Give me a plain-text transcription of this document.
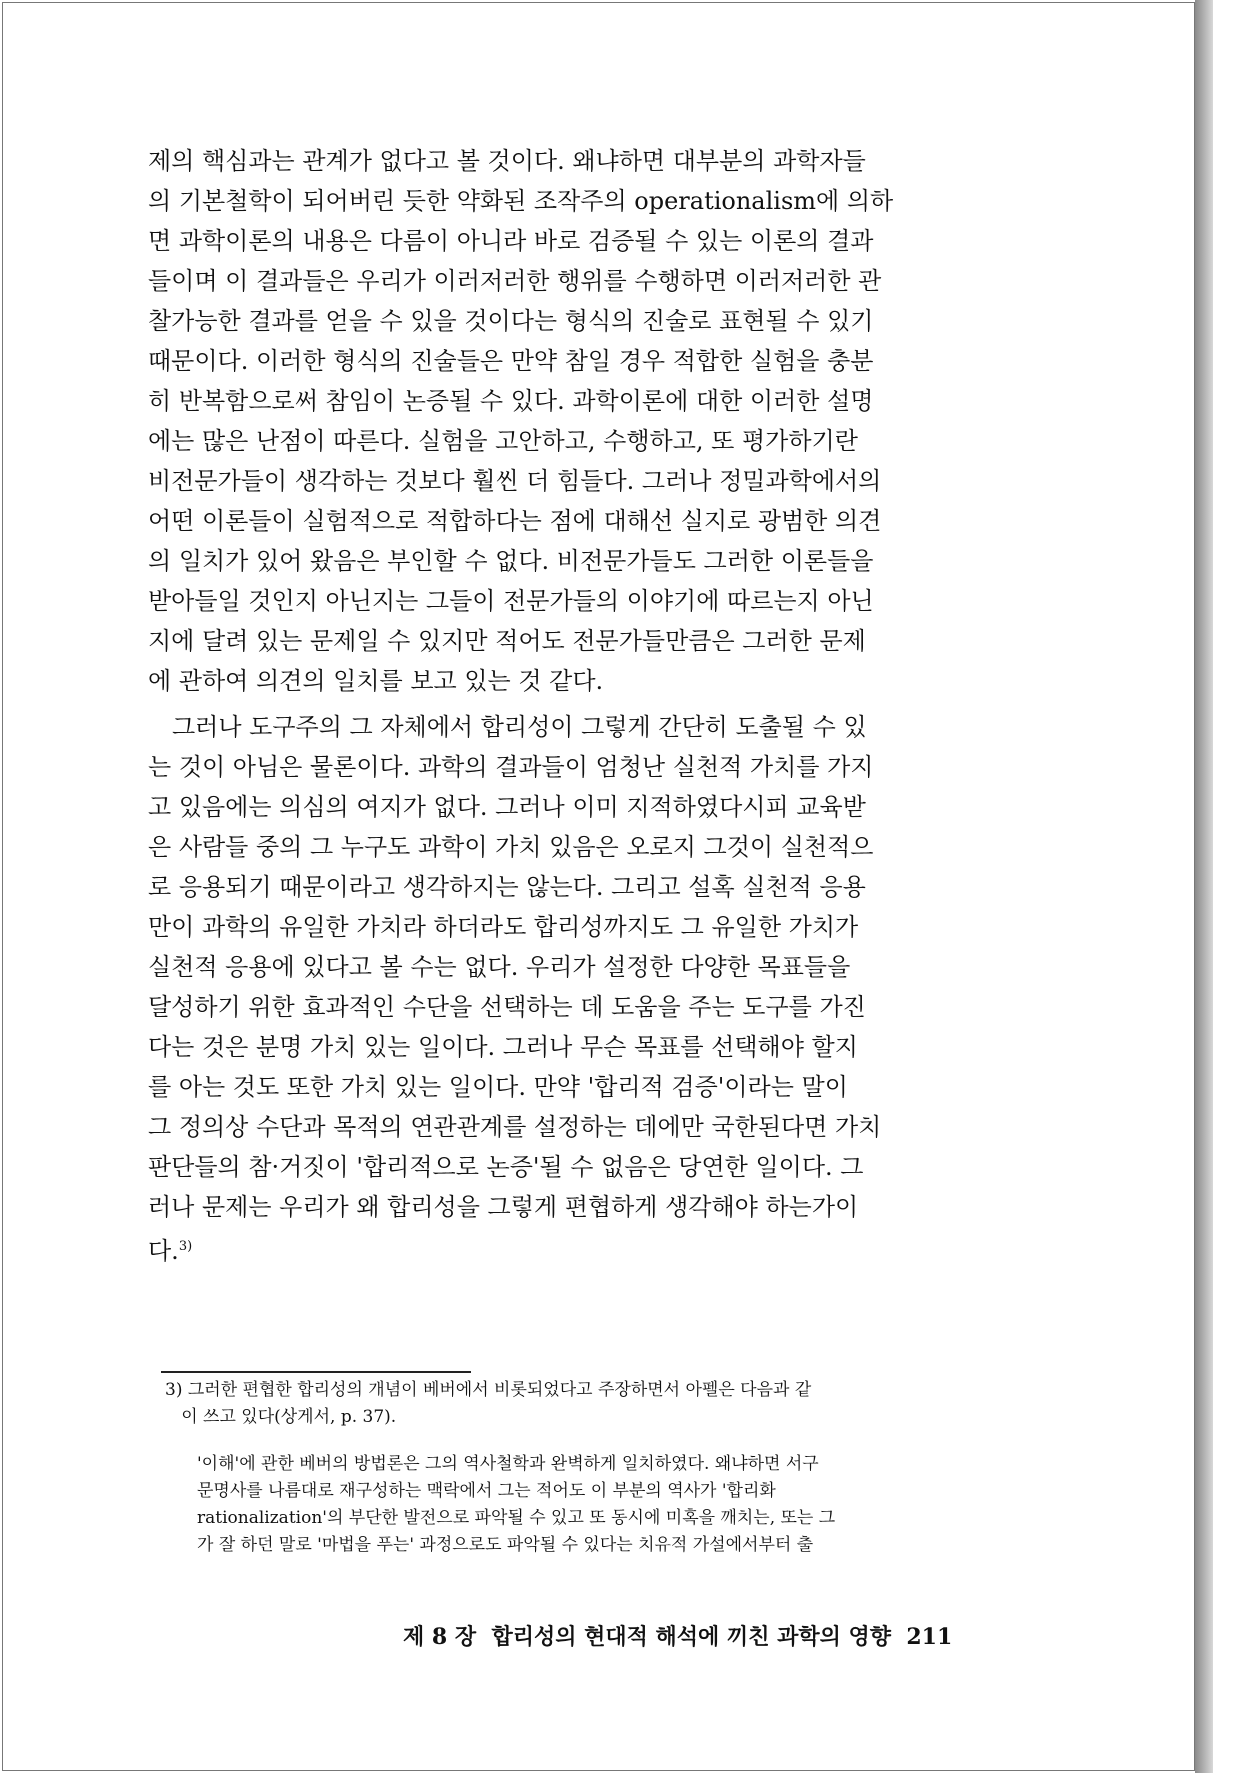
제의 핵심과는 관계가 없다고 볼 것이다. 왜냐하면 대부분의 과학자들
의 기본철학이 되어버린 듯한 약화된 조작주의 operationalism에 의하
면 과학이론의 내용은 다름이 아니라 바로 검증될 수 있는 이론의 결과
들이며 이 결과들은 우리가 이러저러한 행위를 수행하면 이러저러한 관
찰가능한 결과를 얻을 수 있을 것이다는 형식의 진술로 표현될 수 있기
때문이다. 이러한 형식의 진술들은 만약 참일 경우 적합한 실험을 충분
히 반복함으로써 참임이 논증될 수 있다. 과학이론에 대한 이러한 설명
에는 많은 난점이 따른다. 실험을 고안하고, 수행하고, 또 평가하기란
비전문가들이 생각하는 것보다 훨씬 더 힘들다. 그러나 정밀과학에서의
어떤 이론들이 실험적으로 적합하다는 점에 대해선 실지로 광범한 의견
의 일치가 있어 왔음은 부인할 수 없다. 비전문가들도 그러한 이론들을
받아들일 것인지 아닌지는 그들이 전문가들의 이야기에 따르는지 아닌
지에 달려 있는 문제일 수 있지만 적어도 전문가들만큼은 그러한 문제
에 관하여 의견의 일치를 보고 있는 것 같다.
그러나 도구주의 그 자체에서 합리성이 그렇게 간단히 도출될 수 있
는 것이 아님은 물론이다. 과학의 결과들이 엄청난 실천적 가치를 가지
고 있음에는 의심의 여지가 없다. 그러나 이미 지적하였다시피 교육받
은 사람들 중의 그 누구도 과학이 가치 있음은 오로지 그것이 실천적으
로 응용되기 때문이라고 생각하지는 않는다. 그리고 설혹 실천적 응용
만이 과학의 유일한 가치라 하더라도 합리성까지도 그 유일한 가치가
실천적 응용에 있다고 볼 수는 없다. 우리가 설정한 다양한 목표들을
달성하기 위한 효과적인 수단을 선택하는 데 도움을 주는 도구를 가진
다는 것은 분명 가치 있는 일이다. 그러나 무슨 목표를 선택해야 할지
를 아는 것도 또한 가치 있는 일이다. 만약 '합리적 검증'이라는 말이
그 정의상 수단과 목적의 연관관계를 설정하는 데에만 국한된다면 가치
판단들의 참·거짓이 '합리적으로 논증'될 수 없음은 당연한 일이다. 그
러나 문제는 우리가 왜 합리성을 그렇게 편협하게 생각해야 하는가이
다.$^{3)}$
3) 그러한 편협한 합리성의 개념이 베버에서 비롯되었다고 주장하면서 아펠은 다음과 같
이 쓰고 있다(상게서, p. 37).
'이해'에 관한 베버의 방법론은 그의 역사철학과 완벽하게 일치하였다. 왜냐하면 서구
문명사를 나름대로 재구성하는 맥락에서 그는 적어도 이 부분의 역사가 '합리화
rationalization'의 부단한 발전으로 파악될 수 있고 또 동시에 미혹을 깨치는, 또는 그
가 잘 하던 말로 '마법을 푸는' 과정으로도 파악될 수 있다는 치유적 가설에서부터 출
제 8 장  합리성의 현대적 해석에 끼친 과학의 영향  211
